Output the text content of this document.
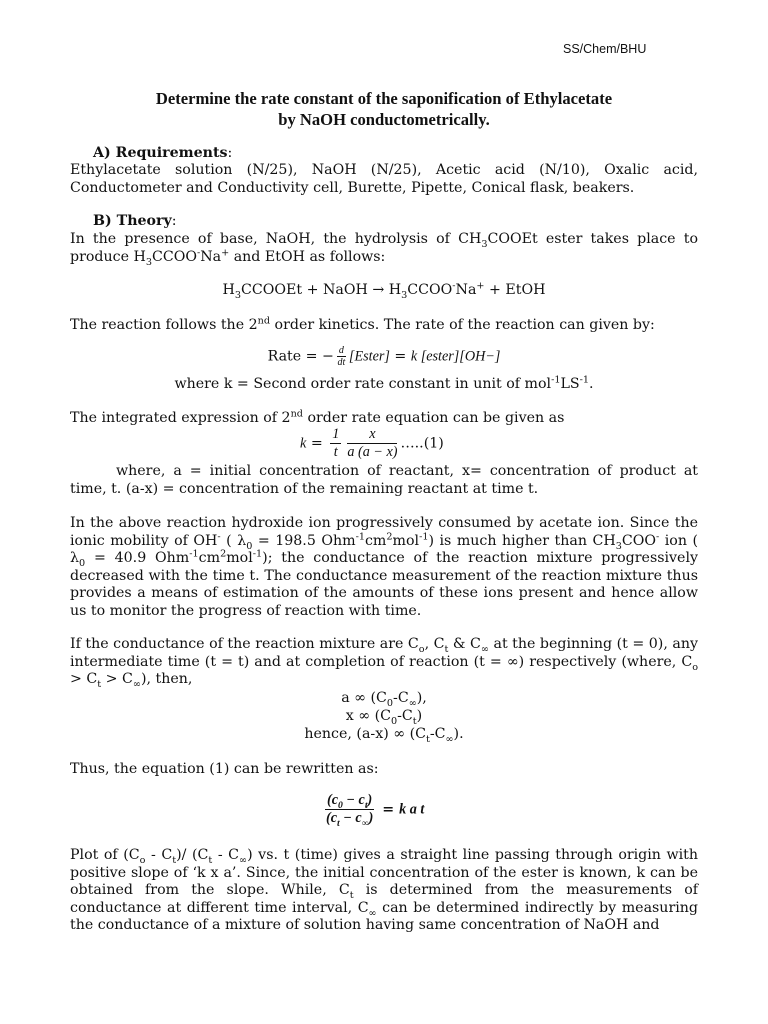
SS/Chem/BHU
Determine the rate constant of the saponification of Ethylacetate
by NaOH conductometrically.
A) Requirements:
Ethylacetate solution (N/25), NaOH (N/25), Acetic acid (N/10), Oxalic acid, Conductometer and Conductivity cell, Burette, Pipette, Conical flask, beakers.
B) Theory:
In the presence of base, NaOH, the hydrolysis of $CH_3COOEt$ ester takes place to produce $H_3CCOO^-Na^+$ and EtOH as follows:
$H_3CCOOEt$ + NaOH → $H_3CCOO^-Na^+$ + EtOH
The reaction follows the 2nd order kinetics. The rate of the reaction can given by:
Rate = − $\frac{d}{dt}$ [Ester] = k [ester][OH−]
where k = Second order rate constant in unit of $mol^{-1}LS^{-1}$.
The integrated expression of 2nd order rate equation can be given as
$k = \frac{1}{t} \frac{x}{a (a - x)}$ …..(1)
where, a = initial concentration of reactant, x= concentration of product at time, t. (a-x) = concentration of the remaining reactant at time t.
In the above reaction hydroxide ion progressively consumed by acetate ion. Since the ionic mobility of OH- ( $\lambda_0 = 198.5$ $Ohm^{-1}cm^2mol^{-1}$) is much higher than $CH_3COO^-$ ion ( $\lambda_0 = 40.9$ $Ohm^{-1}cm^2mol^{-1}$); the conductance of the reaction mixture progressively decreased with the time t. The conductance measurement of the reaction mixture thus provides a means of estimation of the amounts of these ions present and hence allow us to monitor the progress of reaction with time.
If the conductance of the reaction mixture are $C_o$, $C_t$ & $C_\infty$ at the beginning (t = 0), any intermediate time (t = t) and at completion of reaction (t = ∞) respectively (where, $C_o > C_t > C_\infty$), then,
a ∞ $(C_0-C_\infty)$,
x ∞ $(C_0-C_t)$
hence, (a-x) ∞ $(C_t-C_\infty)$.
Thus, the equation (1) can be rewritten as:
$\frac{(c_0 - c_t)}{(c_t - c_\infty)} = k$ a t
Plot of $(C_o - C_t)/$ $(C_t - C_\infty)$ vs. t (time) gives a straight line passing through origin with positive slope of ‘k x a’. Since, the initial concentration of the ester is known, k can be obtained from the slope. While, $C_t$ is determined from the measurements of conductance at different time interval, $C_\infty$ can be determined indirectly by measuring the conductance of a mixture of solution having same concentration of NaOH and
